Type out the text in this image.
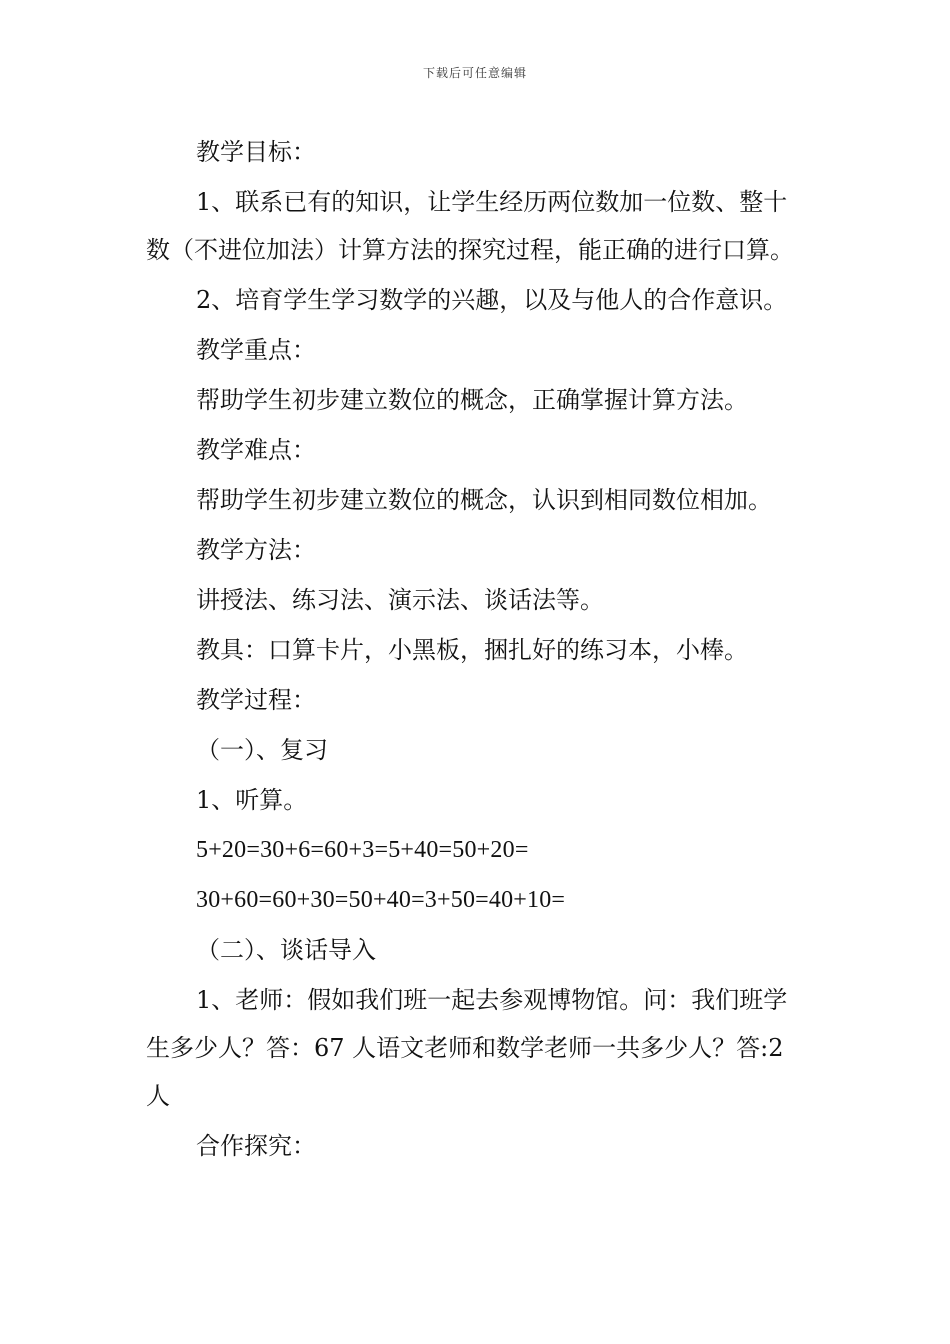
下载后可任意编辑

教学目标：

1、联系已有的知识，让学生经历两位数加一位数、整十数（不进位加法）计算方法的探究过程，能正确的进行口算。

2、培育学生学习数学的兴趣，以及与他人的合作意识。

教学重点：

帮助学生初步建立数位的概念，正确掌握计算方法。

教学难点：

帮助学生初步建立数位的概念，认识到相同数位相加。

教学方法：

讲授法、练习法、演示法、谈话法等。

教具：口算卡片，小黑板，捆扎好的练习本，小棒。

教学过程：

（一）、复习

1、听算。

5+20=30+6=60+3=5+40=50+20=

30+60=60+30=50+40=3+50=40+10=

（二）、谈话导入

1、老师：假如我们班一起去参观博物馆。问：我们班学生多少人？答：67 人语文老师和数学老师一共多少人？答:2 人

合作探究：
